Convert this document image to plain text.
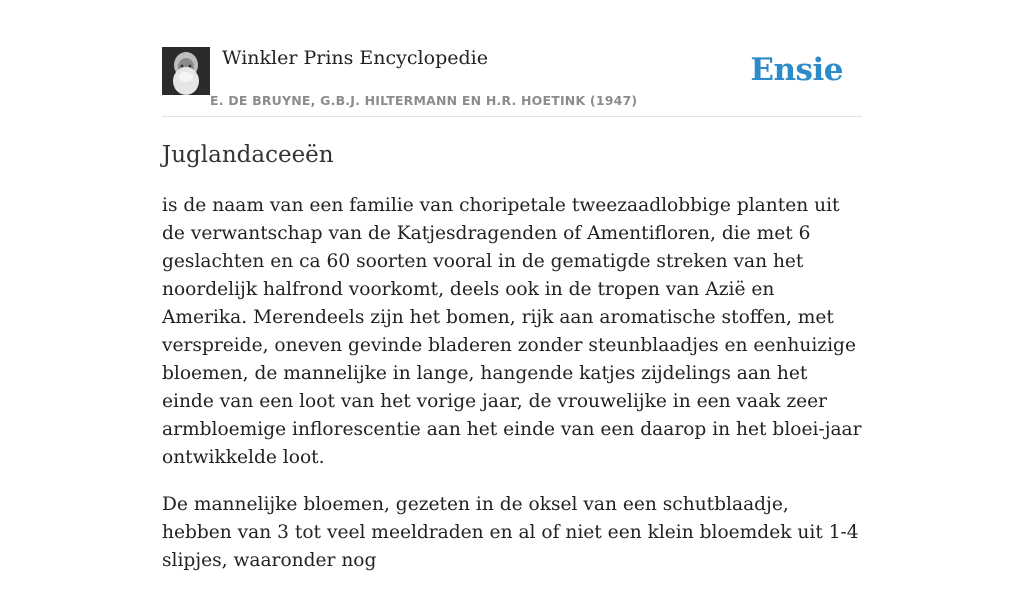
Winkler Prins Encyclopedie
E. DE BRUYNE, G.B.J. HILTERMANN EN H.R. HOETINK (1947)
Ensie
Juglandaceeën

is de naam van een familie van choripetale tweezaadlobbige planten uit de verwantschap van de Katjesdragenden of Amentifloren, die met 6 geslachten en ca 60 soorten vooral in de gematigde streken van het noordelijk halfrond voorkomt, deels ook in de tropen van Azië en Amerika. Merendeels zijn het bomen, rijk aan aromatische stoffen, met verspreide, oneven gevinde bladeren zonder steunblaadjes en eenhuizige bloemen, de mannelijke in lange, hangende katjes zijdelings aan het einde van een loot van het vorige jaar, de vrouwelijke in een vaak zeer armbloemige inflorescentie aan het einde van een daarop in het bloei-jaar ontwikkelde loot.

De mannelijke bloemen, gezeten in de oksel van een schutblaadje, hebben van 3 tot veel meeldraden en al of niet een klein bloemdek uit 1-4 slipjes, waaronder nog
